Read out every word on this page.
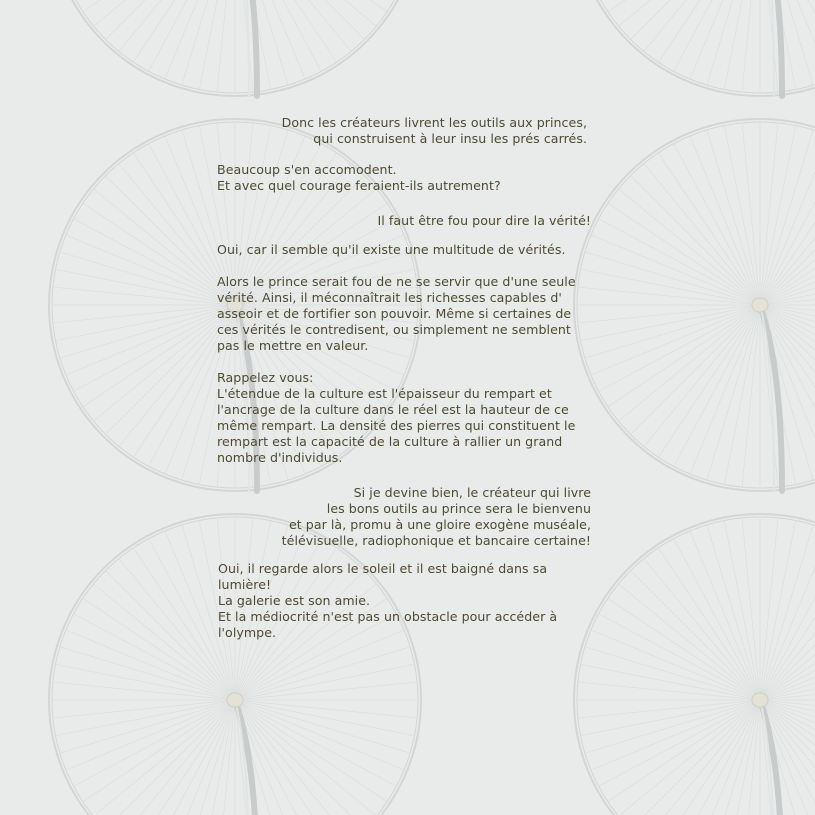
Donc les créateurs livrent les outils aux princes,
qui construisent à leur insu les prés carrés.
Beaucoup s'en accomodent.
Et avec quel courage feraient-ils autrement?
Il faut être fou pour dire la vérité!
Oui, car il semble qu'il existe une multitude de vérités.
Alors le prince serait fou de ne se servir que d'une seule
vérité. Ainsi, il méconnaîtrait les richesses capables d'
asseoir et de fortifier son pouvoir. Même si certaines de
ces vérités le contredisent, ou simplement ne semblent
pas le mettre en valeur.
Rappelez vous:
L'étendue de la culture est l'épaisseur du rempart et
l'ancrage de la culture dans le réel est la hauteur de ce
même rempart. La densité des pierres qui constituent le
rempart est la capacité de la culture à rallier un grand
nombre d'individus.
Si je devine bien, le créateur qui livre
les bons outils au prince sera le bienvenu
et par là, promu à une gloire exogène muséale,
télévisuelle, radiophonique et bancaire certaine!
Oui, il regarde alors le soleil et il est baigné dans sa
lumière!
La galerie est son amie.
Et la médiocrité n'est pas un obstacle pour accéder à
l'olympe.
